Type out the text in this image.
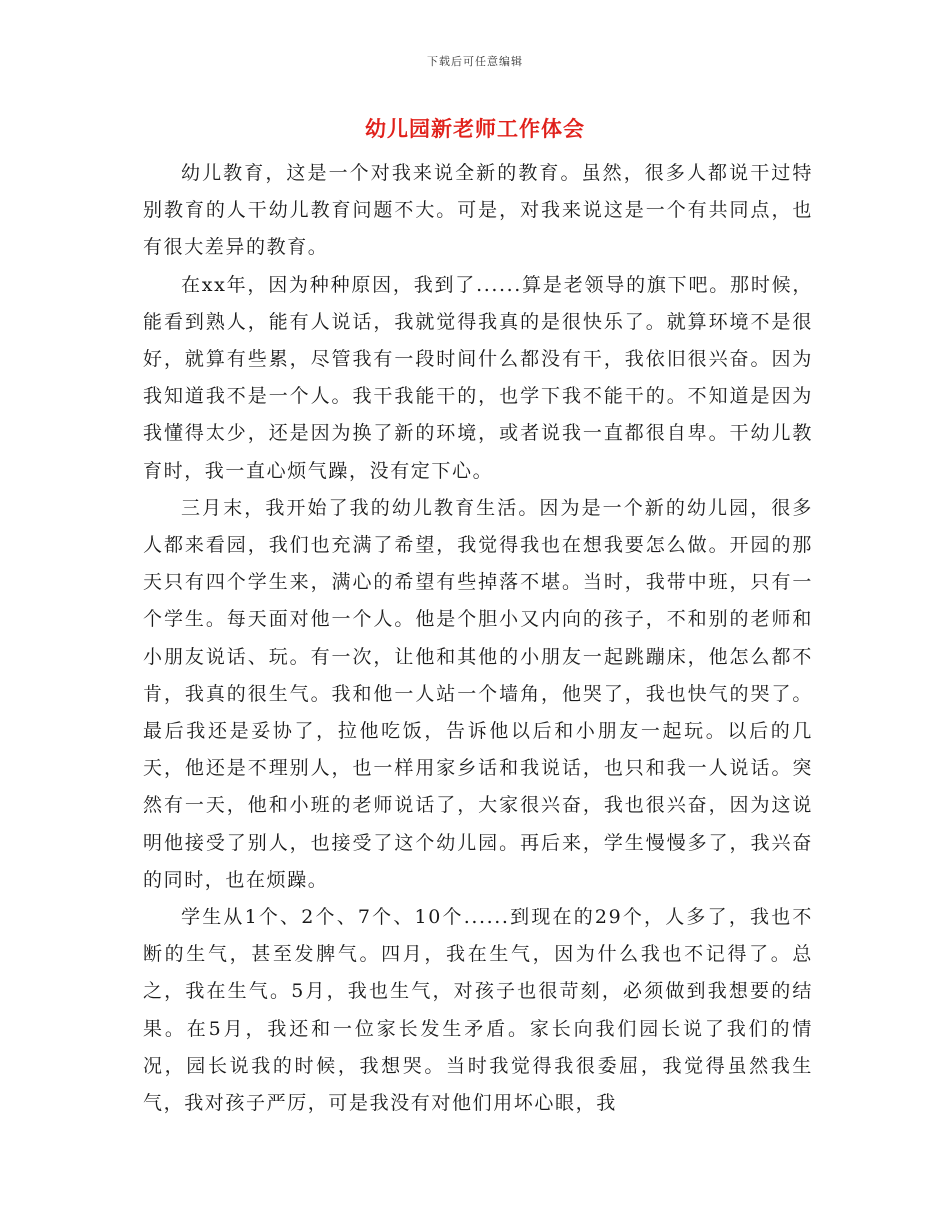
下载后可任意编辑
幼儿园新老师工作体会

幼儿教育，这是一个对我来说全新的教育。虽然，很多人都说干过特别教育的人干幼儿教育问题不大。可是，对我来说这是一个有共同点，也有很大差异的教育。

在xx年，因为种种原因，我到了......算是老领导的旗下吧。那时候，能看到熟人，能有人说话，我就觉得我真的是很快乐了。就算环境不是很好，就算有些累，尽管我有一段时间什么都没有干，我依旧很兴奋。因为我知道我不是一个人。我干我能干的，也学下我不能干的。不知道是因为我懂得太少，还是因为换了新的环境，或者说我一直都很自卑。干幼儿教育时，我一直心烦气躁，没有定下心。

三月末，我开始了我的幼儿教育生活。因为是一个新的幼儿园，很多人都来看园，我们也充满了希望，我觉得我也在想我要怎么做。开园的那天只有四个学生来，满心的希望有些掉落不堪。当时，我带中班，只有一个学生。每天面对他一个人。他是个胆小又内向的孩子，不和别的老师和小朋友说话、玩。有一次，让他和其他的小朋友一起跳蹦床，他怎么都不肯，我真的很生气。我和他一人站一个墙角，他哭了，我也快气的哭了。最后我还是妥协了，拉他吃饭，告诉他以后和小朋友一起玩。以后的几天，他还是不理别人，也一样用家乡话和我说话，也只和我一人说话。突然有一天，他和小班的老师说话了，大家很兴奋，我也很兴奋，因为这说明他接受了别人，也接受了这个幼儿园。再后来，学生慢慢多了，我兴奋的同时，也在烦躁。

学生从1个、2个、7个、10个......到现在的29个，人多了，我也不断的生气，甚至发脾气。四月，我在生气，因为什么我也不记得了。总之，我在生气。5月，我也生气，对孩子也很苛刻，必须做到我想要的结果。在5月，我还和一位家长发生矛盾。家长向我们园长说了我们的情况，园长说我的时候，我想哭。当时我觉得我很委屈，我觉得虽然我生气，我对孩子严厉，可是我没有对他们用坏心眼，我
